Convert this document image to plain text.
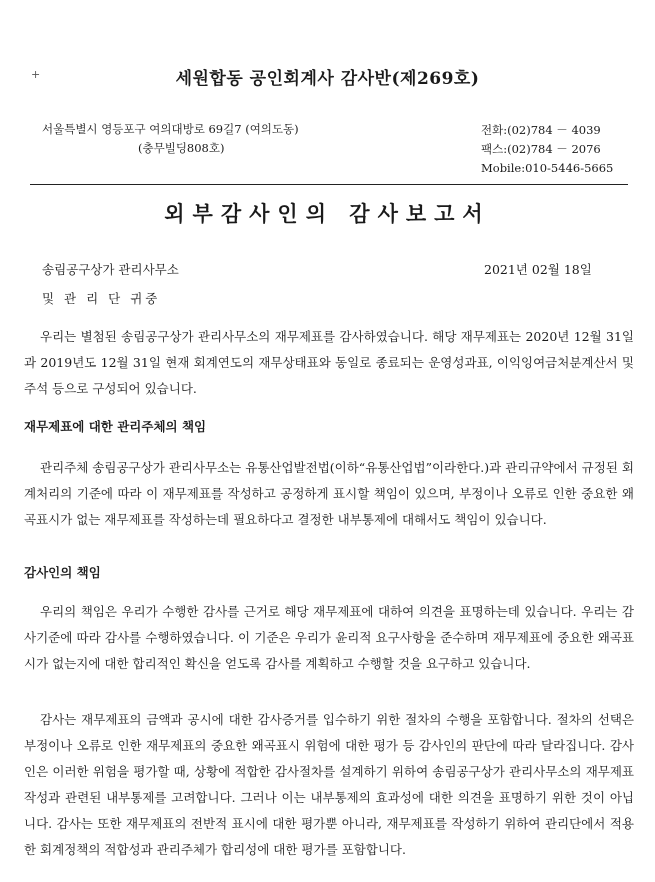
+	세원합동 공인회계사 감사반(제269호)
서울특별시 영등포구 여의대방로 69길7 (여의도동)
(충무빌딩808호)
전화:(02)784 － 4039
팩스:(02)784 － 2076
Mobile:010-5446-5665
외부감사인의 감사보고서
송림공구상가 관리사무소	2021년 02월 18일
및 관 리 단 귀중
우리는 별첨된 송림공구상가 관리사무소의 재무제표를 감사하였습니다. 해당 재무제표는 2020년 12월 31일과 2019년도 12월 31일 현재 회계연도의 재무상태표와 동일로 종료되는 운영성과표, 이익잉여금처분계산서 및 주석 등으로 구성되어 있습니다.
재무제표에 대한 관리주체의 책임
관리주체 송림공구상가 관리사무소는 유통산업발전법(이하“유통산업법”이라한다.)과 관리규약에서 규정된 회계처리의 기준에 따라 이 재무제표를 작성하고 공정하게 표시할 책임이 있으며, 부정이나 오류로 인한 중요한 왜곡표시가 없는 재무제표를 작성하는데 필요하다고 결정한 내부통제에 대해서도 책임이 있습니다.
감사인의 책임
우리의 책임은 우리가 수행한 감사를 근거로 해당 재무제표에 대하여 의견을 표명하는데 있습니다. 우리는 감사기준에 따라 감사를 수행하였습니다. 이 기준은 우리가 윤리적 요구사항을 준수하며 재무제표에 중요한 왜곡표시가 없는지에 대한 합리적인 확신을 얻도록 감사를 계획하고 수행할 것을 요구하고 있습니다.
감사는 재무제표의 금액과 공시에 대한 감사증거를 입수하기 위한 절차의 수행을 포함합니다. 절차의 선택은 부정이나 오류로 인한 재무제표의 중요한 왜곡표시 위험에 대한 평가 등 감사인의 판단에 따라 달라집니다. 감사인은 이러한 위험을 평가할 때, 상황에 적합한 감사절차를 설계하기 위하여 송림공구상가 관리사무소의 재무제표 작성과 관련된 내부통제를 고려합니다. 그러나 이는 내부통제의 효과성에 대한 의견을 표명하기 위한 것이 아닙니다. 감사는 또한 재무제표의 전반적 표시에 대한 평가뿐 아니라, 재무제표를 작성하기 위하여 관리단에서 적용한 회계정책의 적합성과 관리주체가 합리성에 대한 평가를 포함합니다.
